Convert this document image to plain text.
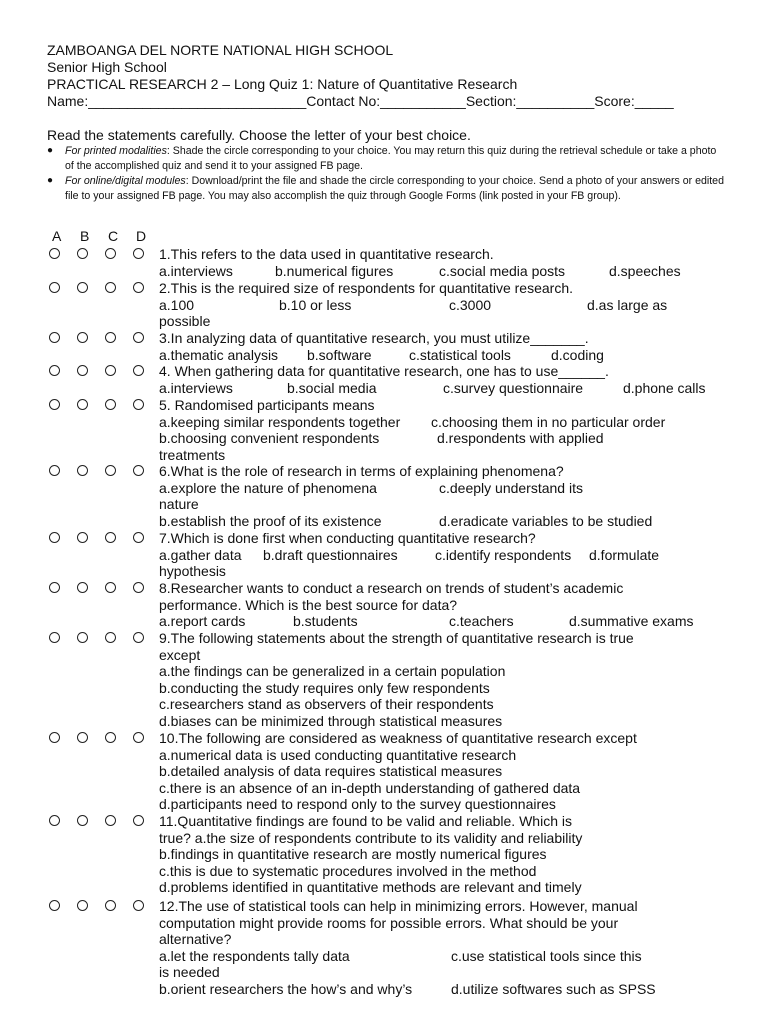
ZAMBOANGA DEL NORTE NATIONAL HIGH SCHOOL
Senior High School
PRACTICAL RESEARCH 2 – Long Quiz 1: Nature of Quantitative Research
Name:____________________________Contact No:___________Section:__________Score:_____
Read the statements carefully. Choose the letter of your best choice.
●	For printed modalities: Shade the circle corresponding to your choice. You may return this quiz during the retrieval schedule or take a photo of the accomplished quiz and send it to your assigned FB page.
●	For online/digital modules: Download/print the file and shade the circle corresponding to your choice. Send a photo of your answers or edited file to your assigned FB page. You may also accomplish the quiz through Google Forms (link posted in your FB group).
A B C D
1.This refers to the data used in quantitative research.
a.interviews	b.numerical figures	c.social media posts	d.speeches
2.This is the required size of respondents for quantitative research.
a.100	b.10 or less	c.3000	d.as large as
possible
3.In analyzing data of quantitative research, you must utilize_______.
a.thematic analysis b.software	c.statistical tools	d.coding
4. When gathering data for quantitative research, one has to use______.
a.interviews	b.social media	c.survey questionnaire	d.phone calls
5. Randomised participants means
a.keeping similar respondents together c.choosing them in no particular order
b.choosing convenient respondents	d.respondents with applied
treatments
6.What is the role of research in terms of explaining phenomena?
a.explore the nature of phenomena	c.deeply understand its
nature
b.establish the proof of its existence	d.eradicate variables to be studied
7.Which is done first when conducting quantitative research?
a.gather data b.draft questionnaires	c.identify respondents d.formulate
hypothesis
8.Researcher wants to conduct a research on trends of student’s academic
performance. Which is the best source for data?
a.report cards	b.students	c.teachers	d.summative exams
9.The following statements about the strength of quantitative research is true
except
a.the findings can be generalized in a certain population
b.conducting the study requires only few respondents
c.researchers stand as observers of their respondents
d.biases can be minimized through statistical measures
10.The following are considered as weakness of quantitative research except
a.numerical data is used conducting quantitative research
b.detailed analysis of data requires statistical measures
c.there is an absence of an in-depth understanding of gathered data
d.participants need to respond only to the survey questionnaires
11.Quantitative findings are found to be valid and reliable. Which is
true? a.the size of respondents contribute to its validity and reliability
b.findings in quantitative research are mostly numerical figures
c.this is due to systematic procedures involved in the method
d.problems identified in quantitative methods are relevant and timely
12.The use of statistical tools can help in minimizing errors. However, manual
computation might provide rooms for possible errors. What should be your
alternative?
a.let the respondents tally data	c.use statistical tools since this
is needed
b.orient researchers the how’s and why’s	d.utilize softwares such as SPSS
